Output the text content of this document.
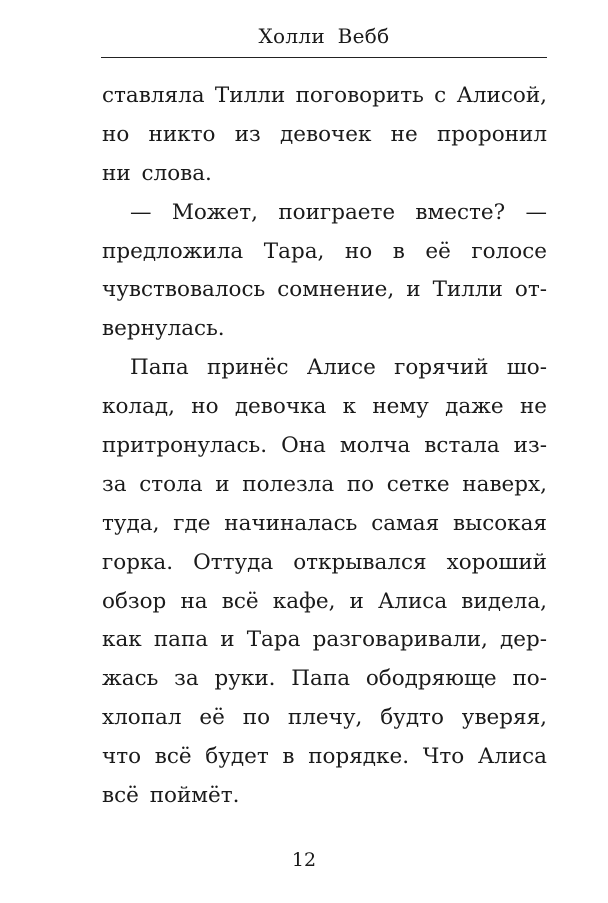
Холли Вебб
ставляла Тилли поговорить с Алисой,
но никто из девочек не проронил
ни слова.
— Может, поиграете вместе? —
предложила Тара, но в её голосе
чувствовалось сомнение, и Тилли от-
вернулась.
Папа принёс Алисе горячий шо-
колад, но девочка к нему даже не
притронулась. Она молча встала из-
за стола и полезла по сетке наверх,
туда, где начиналась самая высокая
горка. Оттуда открывался хороший
обзор на всё кафе, и Алиса видела,
как папа и Тара разговаривали, дер-
жась за руки. Папа ободряюще по-
хлопал её по плечу, будто уверяя,
что всё будет в порядке. Что Алиса
всё поймёт.
12
